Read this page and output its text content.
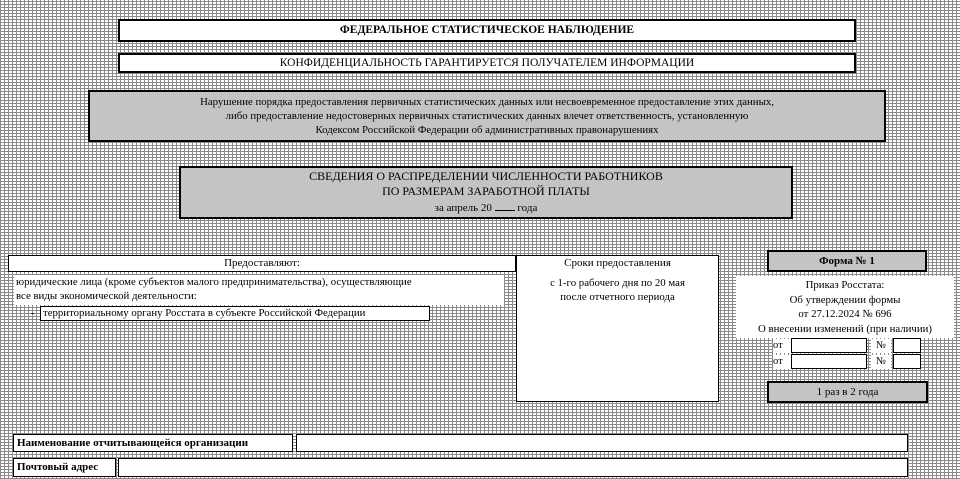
ФЕДЕРАЛЬНОЕ СТАТИСТИЧЕСКОЕ НАБЛЮДЕНИЕ
КОНФИДЕНЦИАЛЬНОСТЬ ГАРАНТИРУЕТСЯ ПОЛУЧАТЕЛЕМ ИНФОРМАЦИИ
Нарушение порядка предоставления первичных статистических данных или несвоевременное предоставление этих данных,
либо предоставление недостоверных первичных статистических данных влечет ответственность, установленную
Кодексом Российской Федерации об административных правонарушениях
СВЕДЕНИЯ О РАСПРЕДЕЛЕНИИ ЧИСЛЕННОСТИ РАБОТНИКОВ
ПО РАЗМЕРАМ ЗАРАБОТНОЙ ПЛАТЫ
за апрель 20 года
Предоставляют:	Сроки предоставления
юридические лица (кроме субъектов малого предпринимательства), осуществляющие
все виды экономической деятельности:
- территориальному органу Росстата в субъекте Российской Федерации
с 1-го рабочего дня по 20 мая
после отчетного периода
Форма № 1
Приказ Росстата:
Об утверждении формы
от 27.12.2024 № 696
О внесении изменений (при наличии)
от	№
от	№
1 раз в 2 года
Наименование отчитывающейся организации
Почтовый адрес
